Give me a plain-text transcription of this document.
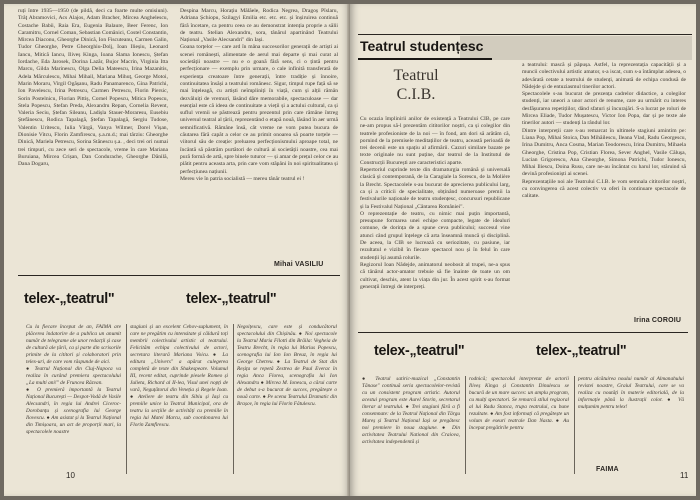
ruți între 1935—1950 (de pildă, deci ca foarte multe omisiuni). Trăţ Abramovici, Acs Alajos, Adam Bracher, Mircea Anghelescu, Costache Babii, Raia Era, Eugenia Balaure, Beer Ferenc, Ion Caramitru, Cornel Coman, Sebastian Comănici, Costel Constantin, Mircea Diaconu, Gheorghe Dinică, Ion Fiscuteanu, Carmen Galin, Tudor Gheorghe, Petre Gheorghiu-Dolj, Ioan Ilieșiu, Leonard Iancu, Mitică Iancu, Iliveș Kinga, Ioana Slama Ionescu, Ștefan Iordache, Eda Jarosek, Dorina Lazăr, Bujor Macrin, Virginia Itta Marcu, Gilda Marinescu, Olga Delia Mateescu, Irina Mazanitis, Adela Mărculescu, Mihai Mihail, Mariana Mihuț, George Motoi, Marin Moraru, Virgil Ogășanu, Radu Panamarenco, Gina Patrichi, Ion Pavelescu, Irina Petrescu, Carmen Petrescu, Florin Piersic, Sorin Postelnicu, Florian Pittiș, Cornel Popescu, Mitica Popescu, Stela Popescu, Stefan Preda, Alexandru Repan, Cornelia Revent, Valeria Seciu, Ștefan Sileanu, Ladișla Stauer-Moraresu, Eusebiu Ștefănescu, Rodica Tapalagă, Ștefan Tapalagă, Sergiu Tudose, Valentin Uritescu, Iulia Vârgă, Vanya Wilmer, Dorel Vișan, Dionisie Vitcu, Florin Zamfirescu, ș.a.m.d.; mai târziu: Gheorghe Dinică, Mariela Petrescu, Sorina Stănescu ș.a. , deci trei ori numai trei timpuri, cu zece seri de spectacole, vreme în care Mariana Buruiana, Mircea Crișan, Dan Condurache, Gheorghe Dănilă, Dana Dogaru,
Despina Marcu, Horațiu Mălăele, Rodica Negrea, Dragoș Pîslaru, Adriana Șchiopu, Szilagyi Emilia etc. etc. etc. și înșiruirea continuă fără încetare, ca pentru ceea ce au demonstrat intenția proprie a sălii de teatru. Stelian Alexandru, sora, tânărul apartinând Teatrului Național „Vasile Alecsandri" din Iași.
Goana torțelor — care ard în mâna succesorilor generații de artiști ai scenei românești, alimentate de aerul mai departe și mai curat al societății noastre — nu e o goană fără sens, ci o țintă pentru perfecționare — exemplu prin urmare, o cale infinită transferată de experiența creatoare între generații, între tradiție și înnoire, continuitatea însăși a teatrului românesc. Sigur, timpul rupe față să se mai înțeleagă, cu artiști neîmpliniți în viață, cum și alții rămân dezvăluiți de vremuri, lăsând dâre memorabile, spectaculoase — dar esențial este că ideea de continuitate a vieții și a actului cultural, ca și suflul vremii se păstrează pentru prezentul prin care rămâne întreg universul teatral al țării, reprezentând o etapă nouă, lăsând în aer urmă semnificativă. Rămâne însă, cât vreme ne vom putea bucura de căutarea fără capăt a celor ce au primit onoarea să poarte torțele — viitorul său de creație: preluarea perfecționismului aproape total, ne încântă să păstrăm purtători de cultură ai societății noastre, cea mai pură formă de artă, spre binele tuturor — și amar de prețul celor ce au plătit pentru aceasta arta, prin care vom stăpâni în noi spiritualitatea și perfecțiunea națiunii.
Mereu vie în patria socialistă — mereu tânăr teatrul ei !
Mihai VASILIU
telex-„teatrul"	telex-„teatrul"
Cu la fiecare început de an, FAIMA are plăcerea îndatorire de a publica un anumit număr de telegrame ale unor redacții și case de cultură ale țării, ca și parte din scrisorile primite de la cititori și colaboratori prin telex-uri, de care vom răspunde de aici.
● Teatrul Național din Cluj-Napoca va realiza în curând premiera spectacolului „La multi ani!" de Fruncea Răzvan.
● O premieră importantă la Teatrul Național București — Despot-Vodă de Vasile Alecsandri, în regia lui Andrei Ciceroc-Dorobanțu și scenografia lui George Ilovescu. ● Am asistat și la Teatrul Național din Timișoara, un act de proporții mari, la spectacolele noastre
stagiuni și un excelent Cehov-suplument, în care ne pregătim cu intensitate și căldură toți membrii colectivului artistic al teatrului. Felicităm echipa colectivului de actori, secretara literară Mariana Voicu. ● La editura „Univers" a apărut culegerea completă de texte din Shakespeare. Volumul III, recent editat, cuprinde piesele Romeo și Julieta, Richard al II-lea, Visul unei nopți de vară, Neguțătorul din Veneția și Regele Ioan. ● Ateliere de teatru din Sibiu și Iași cu premiile unice la Teatrul Municipal, ora de teatru la secțiile de activități cu premiile în regia lui Matei Marcu, sub coordonarea lui Florin Zamfirescu.
Negoițescu, care este și conducătorul spectacolului din Chișinău. ● Noi spectacole la Teatrul Maria Filotti din Brăila: Vegheia de Teatru Brecht, în regia lui Marius Popescu, scenografia lui Ion Ion Breuz, în regia lui George Chetreu. ● La Teatrul de Stat din Reșița se repetă Zestrea de Paul Everac în regia Anca Florea, scenografia lui Ion Alexandru ● Mircea M. Ionescu, a cărui carte de debut s-a bucurat de succes, pregătește o nouă carte. ● Pe scena Teatrului Dramatic din Brașov, în regia lui Florin Fătulescu.
10
Teatrul studențesc
Teatrul
C.I.B.
Cu ocazia împlinirii anilor de existență a Teatrului CIB, pe care ne-am propus să-l prezentăm cititorilor noștri, ca și colegilor din teatrele profesioniste de la noi — în fond, am dori să arătăm că, pornind de la premisele meditațiilor de teatru, această perioadă de trei decenii este un spațiu al afirmării. Cazuri similare bazate pe texte originale nu sunt puține, dar teatrul de la Institutul de Construcții București are caracteristici aparte.
Repertoriul cuprinde texte din dramaturgia română și universală clasică și contemporană, de la Caragiale la Sorescu, de la Molière la Brecht. Spectacolele s-au bucurat de aprecierea publicului larg, ca și a criticii de specialitate, obținând numeroase premii la festivalurile naționale de teatru studențesc, concursuri republicane și la Festivalul Național „Cântarea României".
O reprezentație de teatru, cu nimic mai puțin importantă, presupune formarea unei echipe compacte, legate de idealuri comune, de dorința de a spune ceva publicului; succesul vine atunci când grupul înțelege că arta înseamnă muncă și disciplină. De aceea, la CIB se lucrează cu seriozitate, cu pasiune, iar rezultatul e vizibil în fiecare spectacol nou și în felul în care studenții își asumă rolurile.
Regizorul Ioan Nădejde, animatorul neobosit al trupei, ne-a spus că tânărul actor-amator trebuie să fie înainte de toate un om cultivat, deschis, atent la viața din jur. În acest spirit s-au format generații întregi de interpreți.
a teatrului: mască și păpușa. Astfel, la reprezentația capacității și a muncii colectivului artistic amator, s-a iscat, cum s-a întâmplat adesea, o adevărată cetate a teatrului de studenți, animată de echipa condusă de Nădejde și de entuziasmul tinerilor actori.
Spectacolele s-au bucurat de prezența cadrelor didactice, a colegilor studenți, iar uneori a unor actori de renume, care au urmărit cu interes desfășurarea repetițiilor, dând sfaturi și încurajări. S-a lucrat pe roluri de Mircea Eliade, Tudor Mușatescu, Victor Ion Popa, dar și pe texte ale tinerilor autori — studenți la rândul lor.
Dintre interpreții care s-au remarcat în ultimele stagiuni amintim pe: Liana Pop, Mihai Stoica, Dan Mihăilescu, Ileana Vlad, Radu Georgescu, Irina Dumitru, Anca Cosma, Marian Teodorescu, Irina Dumitru, Mihaela Gheorghe, Cristina Pop, Cristian Florea, Sever Anghel, Vasile Căluşa, Lucian Grigorescu, Ana Gheorghe, Simona Patrichi, Tudor Ionescu, Mihai Iliescu, Doina Rusu, care ne-au încântat cu harul lor, stăruind să devină profesioniști ai scenei.
Reprezentațiile noi ale Teatrului C.I.B. le vom semnala cititorilor noștri, cu convingerea că acest colectiv va oferi în continuare spectacole de calitate.
Irina COROIU
telex-„teatrul"	telex-„teatrul"
● Teatrul satiric-muzical „Constantin Tănase" continuă seria spectacolelor-revistă cu un consistent program artistic. Autorul acestui program este Aurel Storin, secretarul literar al teatrului. ● Trei stagiuni fără a fi consemnate: de la Teatrul Național din Târgu Mureș și Teatrul Național Iași se pregătesc noi premiere în noua stagiune. ● Din activitatea Teatrului National din Craiova, activitatea independentă și
rodnică; spectacolul interpretat de actorii Iliveș Kinga și Constantin Dinulescu se bucură de un mare succes: un amplu program, cu mulți spectatori. Se remarcă stilul regizoral al lui Radu Stanca, trupa teatrului, cu bune rezultate. ● Am fost informați că pregătește un volum de eseuri teatrale Dan Nasta. ● Au început pregătirile pentru
pentru alcătuirea noului număr al Almanahului revistei noastre, Graiul Teatrului, care se va realiza cu noutăți în materie editorială, de la informație până la ilustrații color. ● Vă mulțumim pentru telex!
FAIMA
11
